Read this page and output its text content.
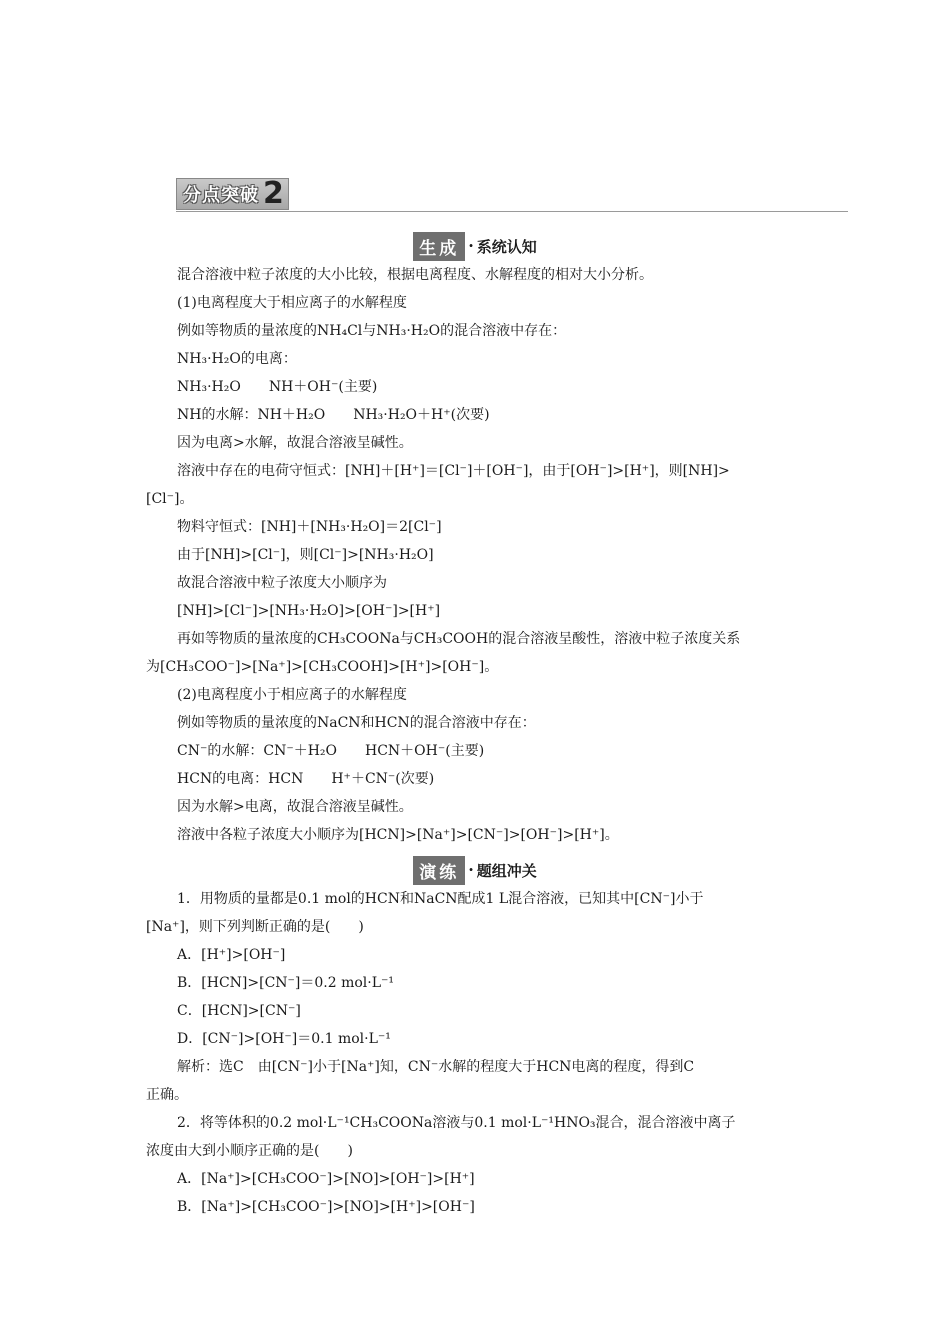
分点突破 2
生成 · 系统认知
混合溶液中粒子浓度的大小比较，根据电离程度、水解程度的相对大小分析。
(1)电离程度大于相应离子的水解程度
例如等物质的量浓度的NH₄Cl与NH₃·H₂O的混合溶液中存在：
NH₃·H₂O的电离：
NH₃·H₂O　　NH＋OH⁻(主要)
NH的水解：NH＋H₂O　　NH₃·H₂O＋H⁺(次要)
因为电离>水解，故混合溶液呈碱性。
溶液中存在的电荷守恒式：[NH]＋[H⁺]＝[Cl⁻]＋[OH⁻]，由于[OH⁻]>[H⁺]，则[NH]>
[Cl⁻]。
物料守恒式：[NH]＋[NH₃·H₂O]＝2[Cl⁻]
由于[NH]>[Cl⁻]，则[Cl⁻]>[NH₃·H₂O]
故混合溶液中粒子浓度大小顺序为
[NH]>[Cl⁻]>[NH₃·H₂O]>[OH⁻]>[H⁺]
再如等物质的量浓度的CH₃COONa与CH₃COOH的混合溶液呈酸性，溶液中粒子浓度关系
为[CH₃COO⁻]>[Na⁺]>[CH₃COOH]>[H⁺]>[OH⁻]。
(2)电离程度小于相应离子的水解程度
例如等物质的量浓度的NaCN和HCN的混合溶液中存在：
CN⁻的水解：CN⁻＋H₂O　　HCN＋OH⁻(主要)
HCN的电离：HCN　　H⁺＋CN⁻(次要)
因为水解>电离，故混合溶液呈碱性。
溶液中各粒子浓度大小顺序为[HCN]>[Na⁺]>[CN⁻]>[OH⁻]>[H⁺]。
演练 · 题组冲关
1．用物质的量都是0.1 mol的HCN和NaCN配成1 L混合溶液，已知其中[CN⁻]小于
[Na⁺]，则下列判断正确的是(　　)
A．[H⁺]>[OH⁻]
B．[HCN]>[CN⁻]＝0.2 mol·L⁻¹
C．[HCN]>[CN⁻]
D．[CN⁻]>[OH⁻]＝0.1 mol·L⁻¹
解析：选C　由[CN⁻]小于[Na⁺]知，CN⁻水解的程度大于HCN电离的程度，得到C
正确。
2．将等体积的0.2 mol·L⁻¹CH₃COONa溶液与0.1 mol·L⁻¹HNO₃混合，混合溶液中离子
浓度由大到小顺序正确的是(　　)
A．[Na⁺]>[CH₃COO⁻]>[NO]>[OH⁻]>[H⁺]
B．[Na⁺]>[CH₃COO⁻]>[NO]>[H⁺]>[OH⁻]
